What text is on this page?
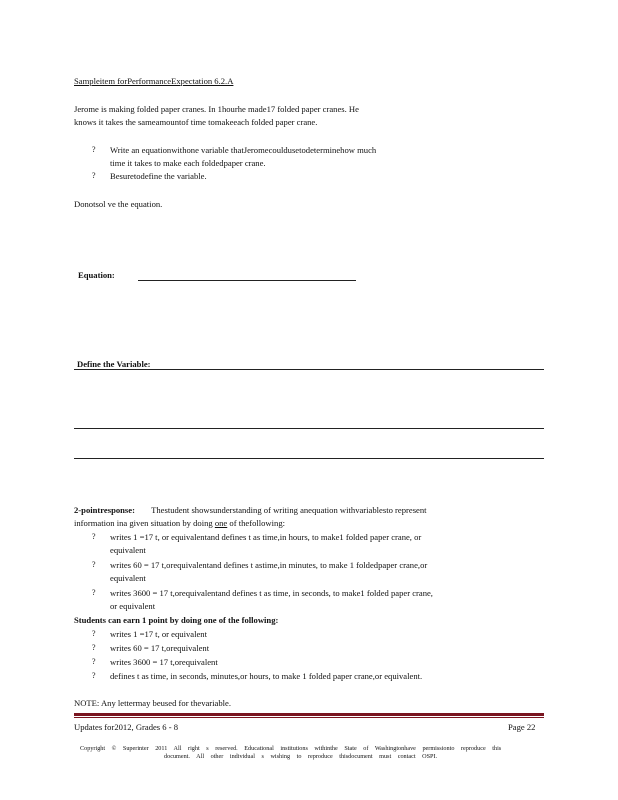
Sampleitem forPerformanceExpectation 6.2.A
Jerome is making folded paper cranes. In 1hourhe made17 folded paper cranes. He
knows it takes the sameamountof time tomakeeach folded paper crane.
? Write an equationwithone variable thatJeromecouldusetodeterminehow much
time it takes to make each foldedpaper crane.
? Besuretodefine the variable.
Donotsol ve the equation.
Equation:
Define the Variable:
2-pointresponse: Thestudent showsunderstanding of writing anequation withvariablesto represent
information ina given situation by doing one of thefollowing:
? writes 1 =17 t, or equivalentand defines t as time,in hours, to make1 folded paper crane, or
equivalent
? writes 60 = 17 t,orequivalentand defines t astime,in minutes, to make 1 foldedpaper crane,or
equivalent
? writes 3600 = 17 t,orequivalentand defines t as time, in seconds, to make1 folded paper crane,
or equivalent
Students can earn 1 point by doing one of the following:
? writes 1 =17 t, or equivalent
? writes 60 = 17 t,orequivalent
? writes 3600 = 17 t,orequivalent
? defines t as time, in seconds, minutes,or hours, to make 1 folded paper crane,or equivalent.
NOTE: Any lettermay beused for thevariable.
Updates for2012, Grades 6 - 8	Page 22
Copyright © Superinter 2011 All right s reserved. Educational institutions withinthe State of Washingtonhave permissionto reproduce this
document. All other individual s wishing to reproduce thisdocument must contact OSPI.
